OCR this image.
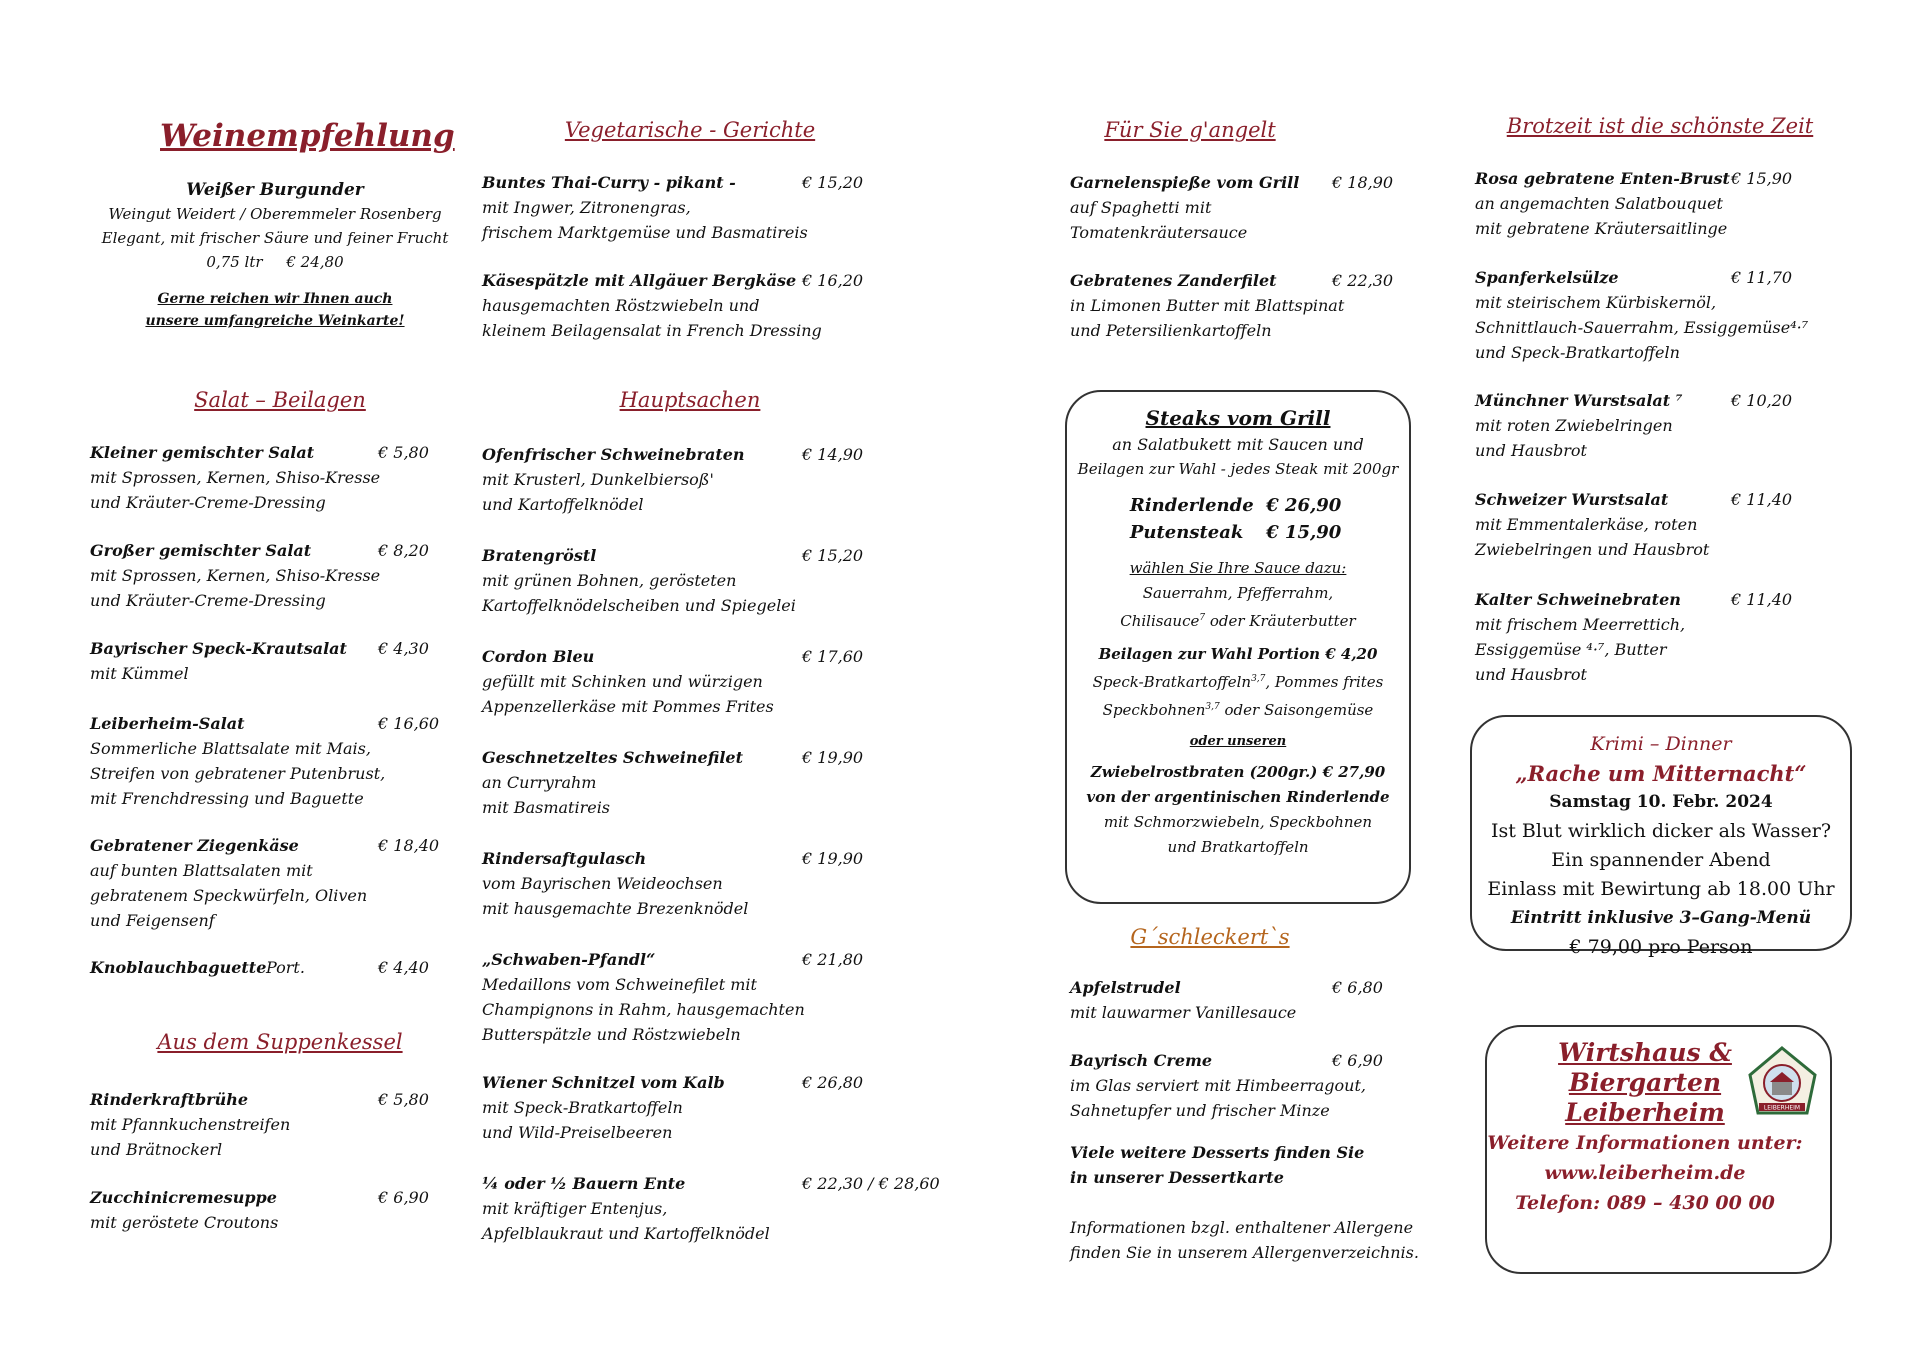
Weinempfehlung
Weißer Burgunder
Weingut Weidert / Oberemmeler Rosenberg
Elegant, mit frischer Säure und feiner Frucht
0,75 ltr € 24,80
Gerne reichen wir Ihnen auch
unsere umfangreiche Weinkarte!
Salat – Beilagen
Kleiner gemischter Salat	€ 5,80
mit Sprossen, Kernen, Shiso-Kresse
und Kräuter-Creme-Dressing
Großer gemischter Salat	€ 8,20
mit Sprossen, Kernen, Shiso-Kresse
und Kräuter-Creme-Dressing
Bayrischer Speck-Krautsalat	€ 4,30
mit Kümmel
Leiberheim-Salat	€ 16,60
Sommerliche Blattsalate mit Mais,
Streifen von gebratener Putenbrust,
mit Frenchdressing und Baguette
Gebratener Ziegenkäse	€ 18,40
auf bunten Blattsalaten mit
gebratenem Speckwürfeln, Oliven
und Feigensenf
Knoblauchbaguette Port.	€ 4,40
Aus dem Suppenkessel
Rinderkraftbrühe	€ 5,80
mit Pfannkuchenstreifen
und Brätnockerl
Zucchinicremesuppe	€ 6,90
mit geröstete Croutons
Vegetarische - Gerichte
Buntes Thai-Curry - pikant -	€ 15,20
mit Ingwer, Zitronengras,
frischem Marktgemüse und Basmatireis
Käsespätzle mit Allgäuer Bergkäse € 16,20
hausgemachten Röstzwiebeln und
kleinem Beilagensalat in French Dressing
Hauptsachen
Ofenfrischer Schweinebraten	€ 14,90
mit Krusterl, Dunkelbiersoß'
und Kartoffelknödel
Bratengröstl	€ 15,20
mit grünen Bohnen, gerösteten
Kartoffelknödelscheiben und Spiegelei
Cordon Bleu	€ 17,60
gefüllt mit Schinken und würzigen
Appenzellerkäse mit Pommes Frites
Geschnetzeltes Schweinefilet	€ 19,90
an Curryrahm
mit Basmatireis
Rindersaftgulasch	€ 19,90
vom Bayrischen Weideochsen
mit hausgemachte Brezenknödel
„Schwaben-Pfandl“	€ 21,80
Medaillons vom Schweinefilet mit
Champignons in Rahm, hausgemachten
Butterspätzle und Röstzwiebeln
Wiener Schnitzel vom Kalb	€ 26,80
mit Speck-Bratkartoffeln
und Wild-Preiselbeeren
¼ oder ½ Bauern Ente	€ 22,30 / € 28,60
mit kräftiger Entenjus,
Apfelblaukraut und Kartoffelknödel
Für Sie g'angelt
Garnelenspieße vom Grill	€ 18,90
auf Spaghetti mit
Tomatenkräutersauce
Gebratenes Zanderfilet	€ 22,30
in Limonen Butter mit Blattspinat
und Petersilienkartoffeln
Steaks vom Grill
an Salatbukett mit Saucen und
Beilagen zur Wahl - jedes Steak mit 200gr
Rinderlende € 26,90
Putensteak € 15,90
wählen Sie Ihre Sauce dazu:
Sauerrahm, Pfefferrahm,
Chilisauce$^7$ oder Kräuterbutter
Beilagen zur Wahl Portion € 4,20
Speck-Bratkartoffeln$^{3,7}$, Pommes frites
Speckbohnen$^{3,7}$ oder Saisongemüse
oder unseren
Zwiebelrostbraten (200gr.) € 27,90
von der argentinischen Rinderlende
mit Schmorzwiebeln, Speckbohnen
und Bratkartoffeln
G´schleckert`s
Apfelstrudel	€ 6,80
mit lauwarmer Vanillesauce
Bayrisch Creme	€ 6,90
im Glas serviert mit Himbeerragout,
Sahnetupfer und frischer Minze
Viele weitere Desserts finden Sie
in unserer Dessertkarte
Informationen bzgl. enthaltener Allergene
finden Sie in unserem Allergenverzeichnis.
Brotzeit ist die schönste Zeit
Rosa gebratene Enten-Brust € 15,90
an angemachten Salatbouquet
mit gebratene Kräutersaitlinge
Spanferkelsülze	€ 11,70
mit steirischem Kürbiskernöl,
Schnittlauch-Sauerrahm, Essiggemüse⁴·⁷
und Speck-Bratkartoffeln
Münchner Wurstsalat ⁷	€ 10,20
mit roten Zwiebelringen
und Hausbrot
Schweizer Wurstsalat	€ 11,40
mit Emmentalerkäse, roten
Zwiebelringen und Hausbrot
Kalter Schweinebraten	€ 11,40
mit frischem Meerrettich,
Essiggemüse ⁴·⁷, Butter
und Hausbrot
Krimi – Dinner
„Rache um Mitternacht“
Samstag 10. Febr. 2024
Ist Blut wirklich dicker als Wasser?
Ein spannender Abend
Einlass mit Bewirtung ab 18.00 Uhr
Eintritt inklusive 3–Gang-Menü
€ 79,00 pro Person
Wirtshaus &
Biergarten
Leiberheim
Weitere Informationen unter:
www.leiberheim.de
Telefon: 089 – 430 00 00
LEIBERHEIM
